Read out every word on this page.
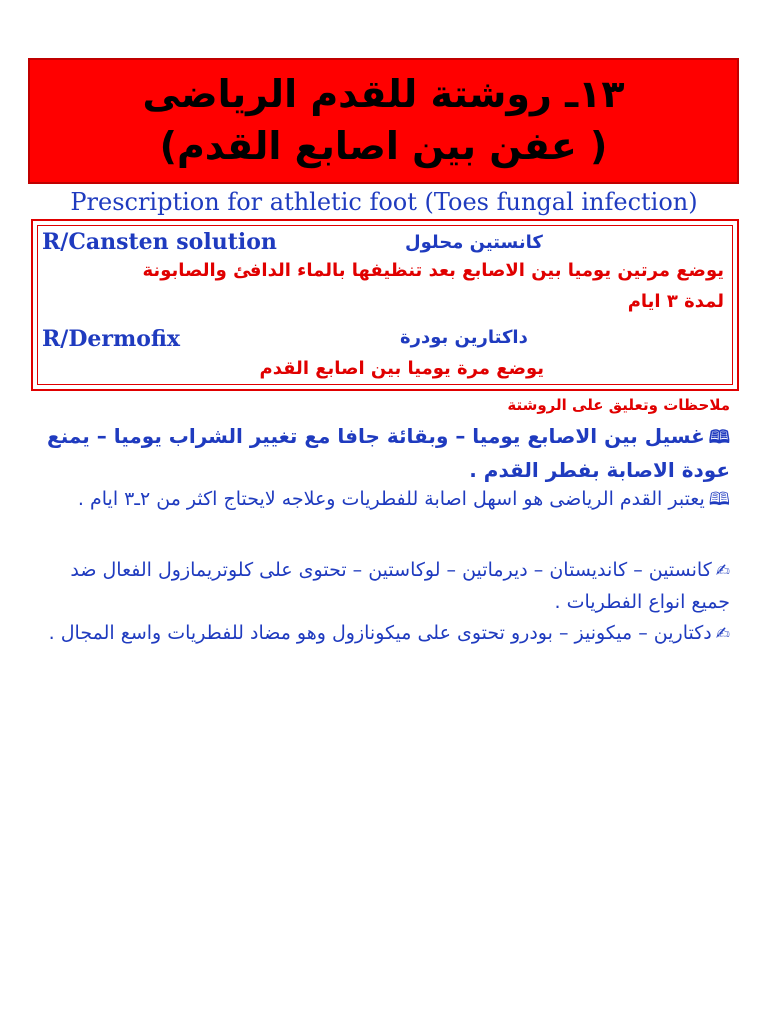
١٣ـ روشتة للقدم الرياضى
( عفن بين اصابع القدم)
Prescription for athletic foot (Toes fungal infection)
R/Cansten solution	كانستين محلول
يوضع مرتين يوميا بين الاصابع بعد تنظيفها بالماء الدافئ والصابونة
لمدة ٣ ايام
R/Dermofix	داكتارين بودرة
يوضع مرة يوميا بين اصابع القدم
ملاحظات وتعليق على الروشتة
🕮غسيل بين الاصابع يوميا – وبقائة جافا مع تغيير الشراب يوميا – يمنع عودة الاصابة بفطر القدم .
🕮يعتبر القدم الرياضى هو اسهل اصابة للفطريات وعلاجه لايحتاج اكثر من ٢ـ٣ ايام .
✍كانستين – كانديستان – ديرماتين – لوكاستين – تحتوى على كلوتريمازول الفعال ضد جميع انواع الفطريات .
✍دكتارين – ميكونيز – بودرو تحتوى على ميكونازول وهو مضاد للفطريات واسع المجال .
